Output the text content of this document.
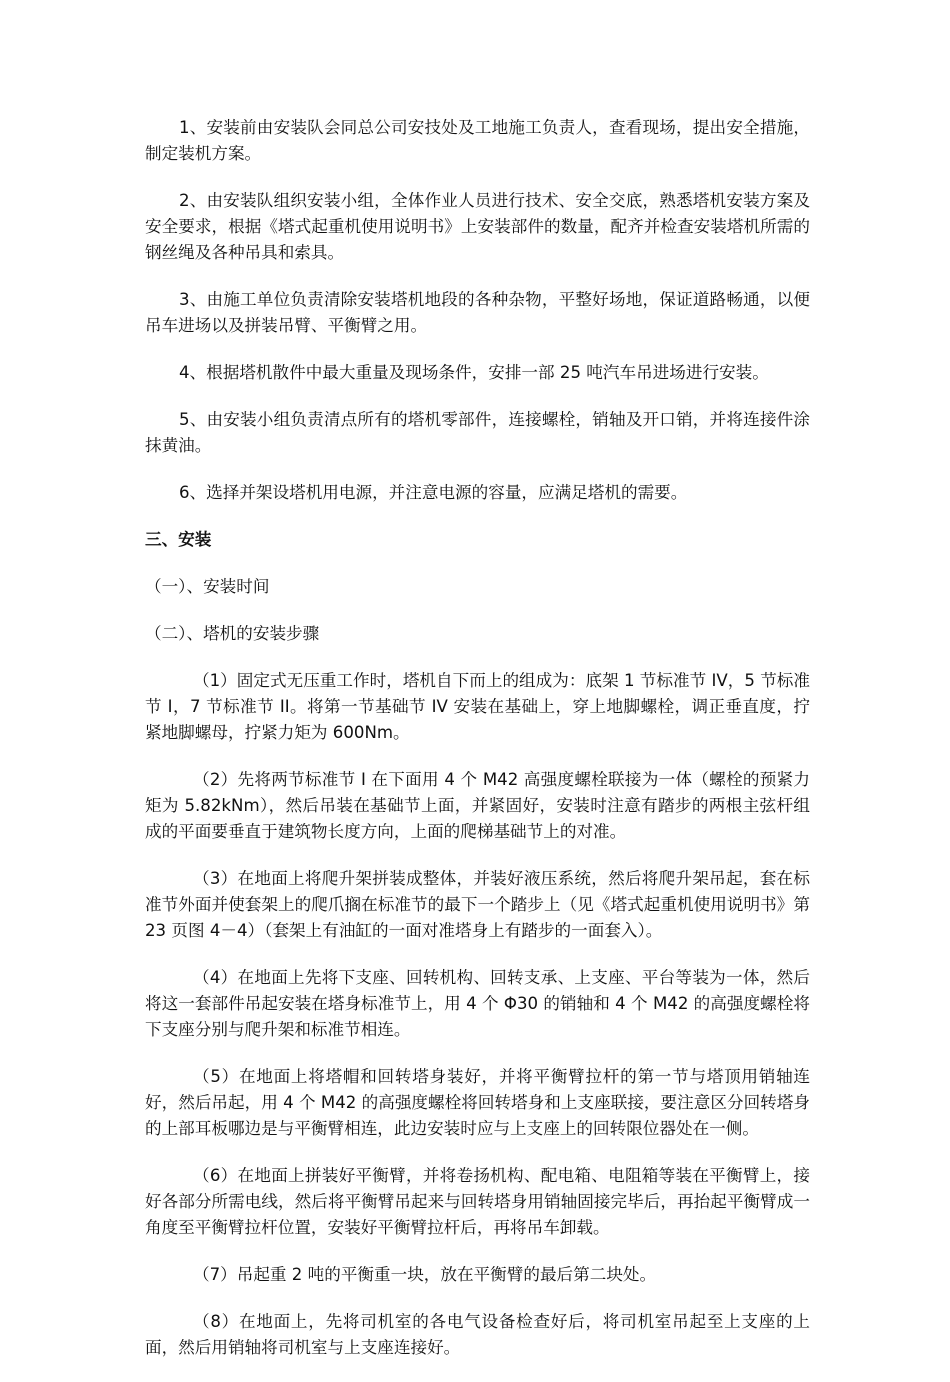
1、安装前由安装队会同总公司安技处及工地施工负责人，查看现场，提出安全措施，制定装机方案。

2、由安装队组织安装小组，全体作业人员进行技术、安全交底，熟悉塔机安装方案及安全要求，根据《塔式起重机使用说明书》上安装部件的数量，配齐并检查安装塔机所需的钢丝绳及各种吊具和索具。

3、由施工单位负责清除安装塔机地段的各种杂物，平整好场地，保证道路畅通，以便吊车进场以及拼装吊臂、平衡臂之用。

4、根据塔机散件中最大重量及现场条件，安排一部 25 吨汽车吊进场进行安装。

5、由安装小组负责清点所有的塔机零部件，连接螺栓，销轴及开口销，并将连接件涂抹黄油。

6、选择并架设塔机用电源，并注意电源的容量，应满足塔机的需要。

三、安装

（一）、安装时间

（二）、塔机的安装步骤

（1）固定式无压重工作时，塔机自下而上的组成为：底架 1 节标准节 IV，5 节标准节 I，7 节标准节 II。将第一节基础节 IV 安装在基础上，穿上地脚螺栓，调正垂直度，拧紧地脚螺母，拧紧力矩为 600Nm。

（2）先将两节标准节 I 在下面用 4 个 M42 高强度螺栓联接为一体（螺栓的预紧力矩为 5.82kNm），然后吊装在基础节上面，并紧固好，安装时注意有踏步的两根主弦杆组成的平面要垂直于建筑物长度方向，上面的爬梯基础节上的对准。

（3）在地面上将爬升架拼装成整体，并装好液压系统，然后将爬升架吊起，套在标准节外面并使套架上的爬爪搁在标准节的最下一个踏步上（见《塔式起重机使用说明书》第 23 页图 4－4）（套架上有油缸的一面对准塔身上有踏步的一面套入）。

（4）在地面上先将下支座、回转机构、回转支承、上支座、平台等装为一体，然后将这一套部件吊起安装在塔身标准节上，用 4 个 Φ30 的销轴和 4 个 M42 的高强度螺栓将下支座分别与爬升架和标准节相连。

（5）在地面上将塔帽和回转塔身装好，并将平衡臂拉杆的第一节与塔顶用销轴连好，然后吊起，用 4 个 M42 的高强度螺栓将回转塔身和上支座联接，要注意区分回转塔身的上部耳板哪边是与平衡臂相连，此边安装时应与上支座上的回转限位器处在一侧。

（6）在地面上拼装好平衡臂，并将卷扬机构、配电箱、电阻箱等装在平衡臂上，接好各部分所需电线，然后将平衡臂吊起来与回转塔身用销轴固接完毕后，再抬起平衡臂成一角度至平衡臂拉杆位置，安装好平衡臂拉杆后，再将吊车卸载。

（7）吊起重 2 吨的平衡重一块，放在平衡臂的最后第二块处。

（8）在地面上，先将司机室的各电气设备检查好后，将司机室吊起至上支座的上面，然后用销轴将司机室与上支座连接好。
